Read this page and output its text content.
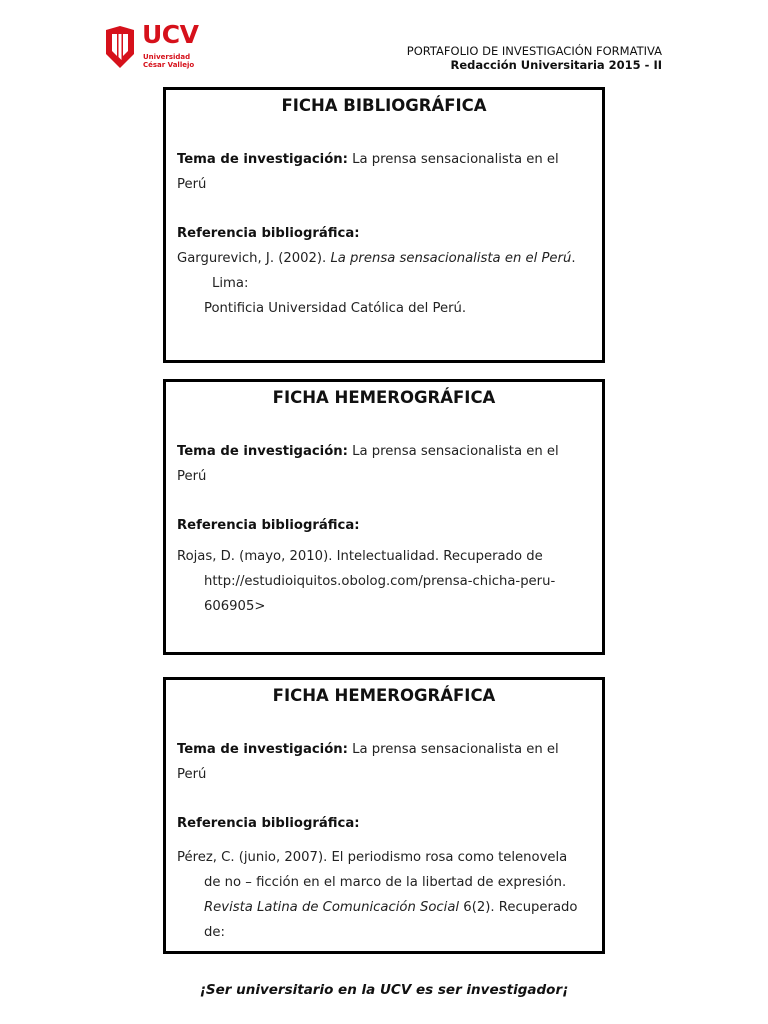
UCV
Universidad
César Vallejo
PORTAFOLIO DE INVESTIGACIÓN FORMATIVA
Redacción Universitaria 2015 - II
FICHA BIBLIOGRÁFICA
Tema de investigación: La prensa sensacionalista en el
Perú
Referencia bibliográfica:
Gargurevich, J. (2002). La prensa sensacionalista en el Perú.
Lima:
Pontificia Universidad Católica del Perú.
FICHA HEMEROGRÁFICA
Tema de investigación: La prensa sensacionalista en el
Perú
Referencia bibliográfica:
Rojas, D. (mayo, 2010). Intelectualidad. Recuperado de
http://estudioiquitos.obolog.com/prensa-chicha-peru-
606905>
FICHA HEMEROGRÁFICA
Tema de investigación: La prensa sensacionalista en el
Perú
Referencia bibliográfica:
Pérez, C. (junio, 2007). El periodismo rosa como telenovela
de no – ficción en el marco de la libertad de expresión.
Revista Latina de Comunicación Social 6(2). Recuperado
de:
¡Ser universitario en la UCV es ser investigador¡
